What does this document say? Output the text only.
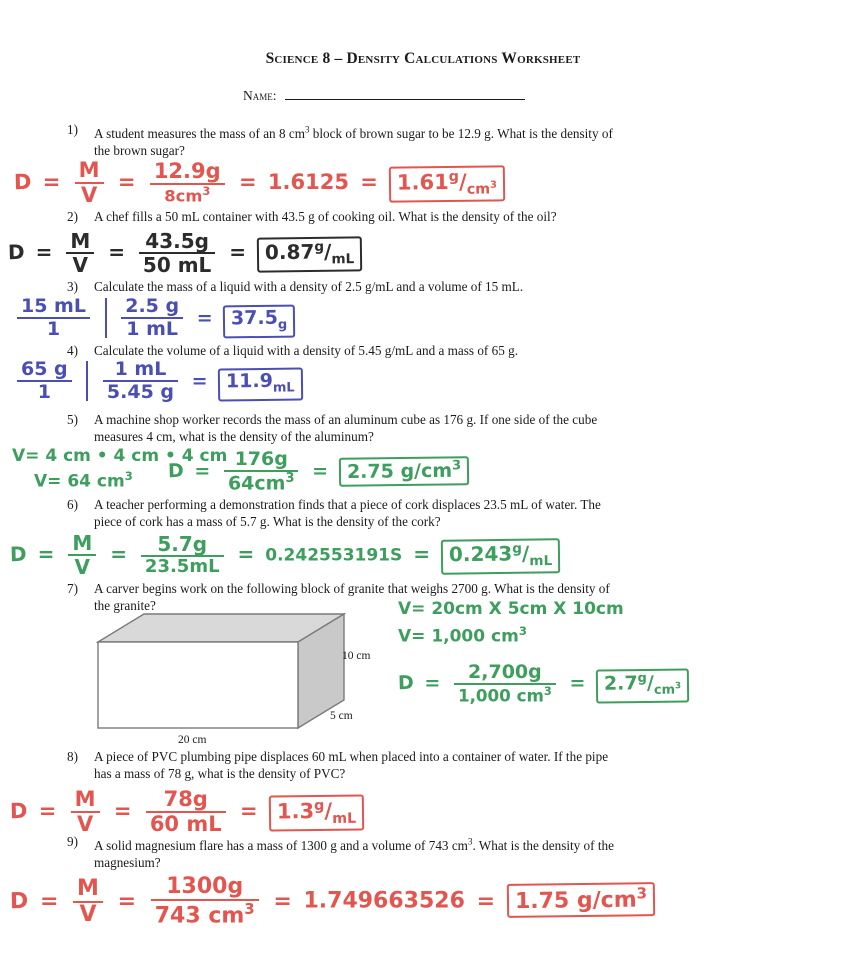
Science 8 – Density Calculations Worksheet
Name:
1) A student measures the mass of an 8 $cm^3$ block of brown sugar to be 12.9 g. What is the density of
the brown sugar?
$D = \frac{M}{V} = \frac{12.9g}{8cm^3} = 1.6125 = 1.61^g/_{cm^3}$
2) A chef fills a 50 mL container with 43.5 g of cooking oil. What is the density of the oil?
$D = \frac{M}{V} = \frac{43.5g}{50 mL} = 0.87^g/_{mL}$
3) Calculate the mass of a liquid with a density of 2.5 g/mL and a volume of 15 mL.
$\frac{15 mL}{1}$
$\frac{2.5 g}{1 mL} = 37.5_g$
4) Calculate the volume of a liquid with a density of 5.45 g/mL and a mass of 65 g.
$\frac{65 g}{1}$
$\frac{1 mL}{5.45 g} = 11.9_{mL}$
5) A machine shop worker records the mass of an aluminum cube as 176 g. If one side of the cube
measures 4 cm, what is the density of the aluminum?
V= 4 cm • 4 cm • 4 cm
V= 64 $cm^3$	$D = \frac{176g}{64cm^3} = 2.75$ $g/cm^3$
6) A teacher performing a demonstration finds that a piece of cork displaces 23.5 mL of water. The
piece of cork has a mass of 5.7 g. What is the density of the cork?
$D = \frac{M}{V} = \frac{5.7g}{23.5mL} = 0.242553191S = 0.243^g/_{mL}$
7) A carver begins work on the following block of granite that weighs 2700 g. What is the density of
the granite?
10 cm
5 cm
20 cm
V= 20cm X 5cm X 10cm
V= 1,000 $cm^3$
$D = \frac{2,700g}{1,000 cm^3} = 2.7^g/_{cm^3}$
8) A piece of PVC plumbing pipe displaces 60 mL when placed into a container of water. If the pipe
has a mass of 78 g, what is the density of PVC?
$D = \frac{M}{V} = \frac{78g}{60 mL} = 1.3^g/_{mL}$
9) A solid magnesium flare has a mass of 1300 g and a volume of 743 $cm^3$. What is the density of the
magnesium?
$D = \frac{M}{V} = \frac{1300g}{743 cm^3} = 1.749663526 = 1.75$ $g/cm^3$
